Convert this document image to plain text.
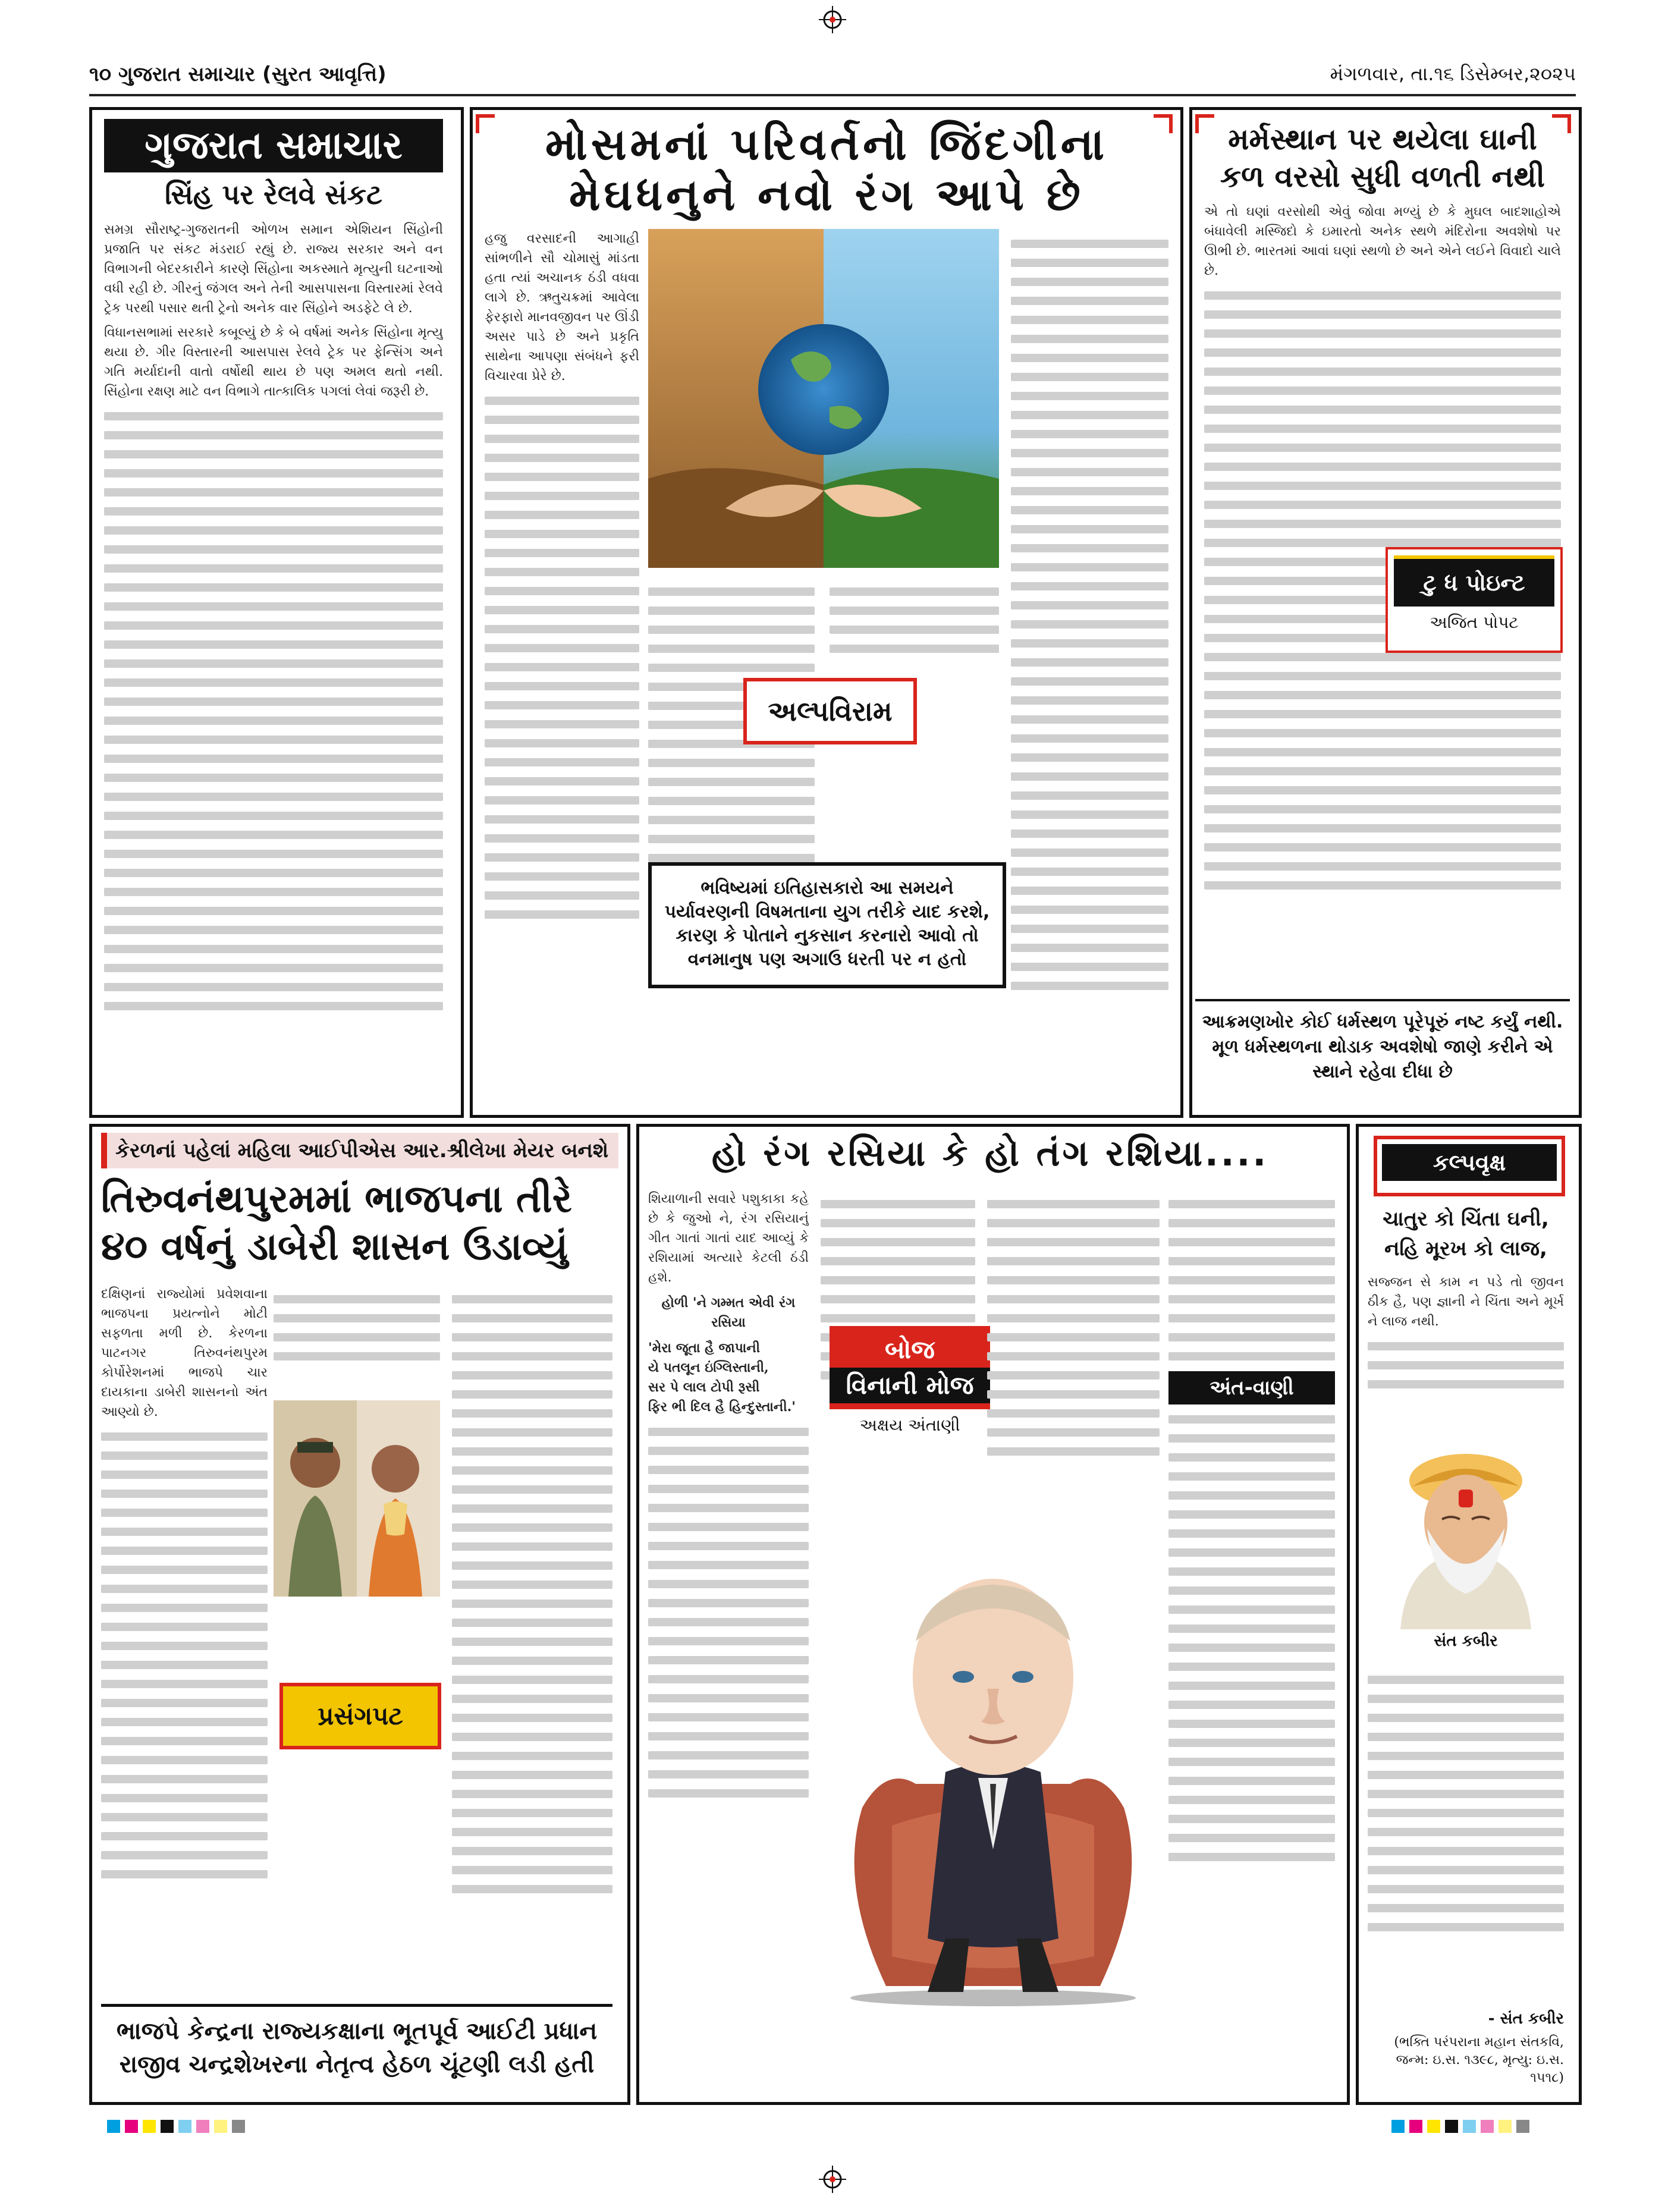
૧૦ ગુજરાત સમાચાર (સુરત આવૃત્તિ)	મંગળવાર, તા.૧૬ ડિસેમ્બર,૨૦૨૫
ગુજરાત સમાચાર
સિંહ પર રેલવે સંકટ

સમગ્ર સૌરાષ્ટ્ર-ગુજરાતની ઓળખ સમાન એશિયન સિંહોની પ્રજાતિ પર સંકટ મંડરાઈ રહ્યું છે. રાજ્ય સરકાર અને વન વિભાગની બેદરકારીને કારણે સિંહોના અકસ્માતે મૃત્યુની ઘટનાઓ વધી રહી છે. ગીરનું જંગલ અને તેની આસપાસના વિસ્તારમાં રેલવે ટ્રેક પરથી પસાર થતી ટ્રેનો અનેક વાર સિંહોને અડફેટે લે છે.

વિધાનસભામાં સરકારે કબૂલ્યું છે કે બે વર્ષમાં અનેક સિંહોના મૃત્યુ થયા છે. ગીર વિસ્તારની આસપાસ રેલવે ટ્રેક પર ફેન્સિંગ અને ગતિ મર્યાદાની વાતો વર્ષોથી થાય છે પણ અમલ થતો નથી. સિંહોના રક્ષણ માટે વન વિભાગે તાત્કાલિક પગલાં લેવાં જરૂરી છે.

મોસમનાં પરિવર્તનો જિંદગીના
મેઘધનુને નવો રંગ આપે છે

હજુ વરસાદની આગાહી સાંભળીને સૌ ચોમાસું માંડતા હતા ત્યાં અચાનક ઠંડી વધવા લાગે છે. ઋતુચક્રમાં આવેલા ફેરફારો માનવજીવન પર ઊંડી અસર પાડે છે અને પ્રકૃતિ સાથેના આપણા સંબંધને ફરી વિચારવા પ્રેરે છે.

અલ્પવિરામ
ભવિષ્યમાં ઇતિહાસકારો આ સમયને પર્યાવરણની વિષમતાના યુગ તરીકે યાદ કરશે, કારણ કે પોતાને નુકસાન કરનારો આવો તો વનમાનુષ પણ અગાઉ ધરતી પર ન હતો
મર્મસ્થાન પર થયેલા ઘાની
કળ વરસો સુધી વળતી નથી

એ તો ઘણાં વરસોથી એવું જોવા મળ્યું છે કે મુઘલ બાદશાહોએ બંધાવેલી મસ્જિદો કે ઇમારતો અનેક સ્થળે મંદિરોના અવશેષો પર ઊભી છે. ભારતમાં આવાં ઘણાં સ્થળો છે અને એને લઈને વિવાદો ચાલે છે.

ટુ ધ પોઇન્ટ
અજિત પોપટ
આક્રમણખોર કોઈ ધર્મસ્થળ પૂરેપૂરું નષ્ટ કર્યું નથી. મૂળ ધર્મસ્થળના થોડાક અવશેષો જાણે કરીને એ સ્થાને રહેવા દીધા છે
કેરળનાં પહેલાં મહિલા આઈપીએસ આર.શ્રીલેખા મેયર બનશે
તિરુવનંથપુરમમાં ભાજપના તીરે
૪૦ વર્ષનું ડાબેરી શાસન ઉડાવ્યું

દક્ષિણનાં રાજ્યોમાં પ્રવેશવાના ભાજપના પ્રયત્નોને મોટી સફળતા મળી છે. કેરળના પાટનગર તિરુવનંથપુરમ કોર્પોરેશનમાં ભાજપે ચાર દાયકાના ડાબેરી શાસનનો અંત આણ્યો છે.

પ્રસંગપટ
ભાજપે કેન્દ્રના રાજ્યકક્ષાના ભૂતપૂર્વ આઈટી પ્રધાન
રાજીવ ચન્દ્રશેખરના નેતૃત્વ હેઠળ ચૂંટણી લડી હતી
હો રંગ રસિયા કે હો તંગ રશિયા....

શિયાળાની સવારે પશુકાકા કહે છે કે જુઓ ને, રંગ રસિયાનું ગીત ગાતાં ગાતાં યાદ આવ્યું કે રશિયામાં અત્યારે કેટલી ઠંડી હશે.

હોળી 'ને ગમ્મત એવી રંગ રસિયા
'મેરા જૂતા હૈ જાપાની
યે પતલૂન ઇંગ્લિસ્તાની,
સર પે લાલ ટોપી રૂસી
ફિર ભી દિલ હૈ હિન્દુસ્તાની.'
બોજ
વિનાની મોજ
અક્ષય અંતાણી
અંત-વાણી
કલ્પવૃક્ષ
ચાતુર કો ચિંતા ઘની,
નહિ મૂરખ કો લાજ,

સજ્જન સે કામ ન પડે તો જીવન ઠીક હૈ, પણ જ્ઞાની ને ચિંતા અને મૂર્ખ ને લાજ નથી.

સંત કબીર
- સંત કબીર
(ભક્તિ પરંપરાના મહાન સંતકવિ, જન્મ: ઇ.સ. ૧૩૯૮, મૃત્યુ: ઇ.સ. ૧૫૧૮)
